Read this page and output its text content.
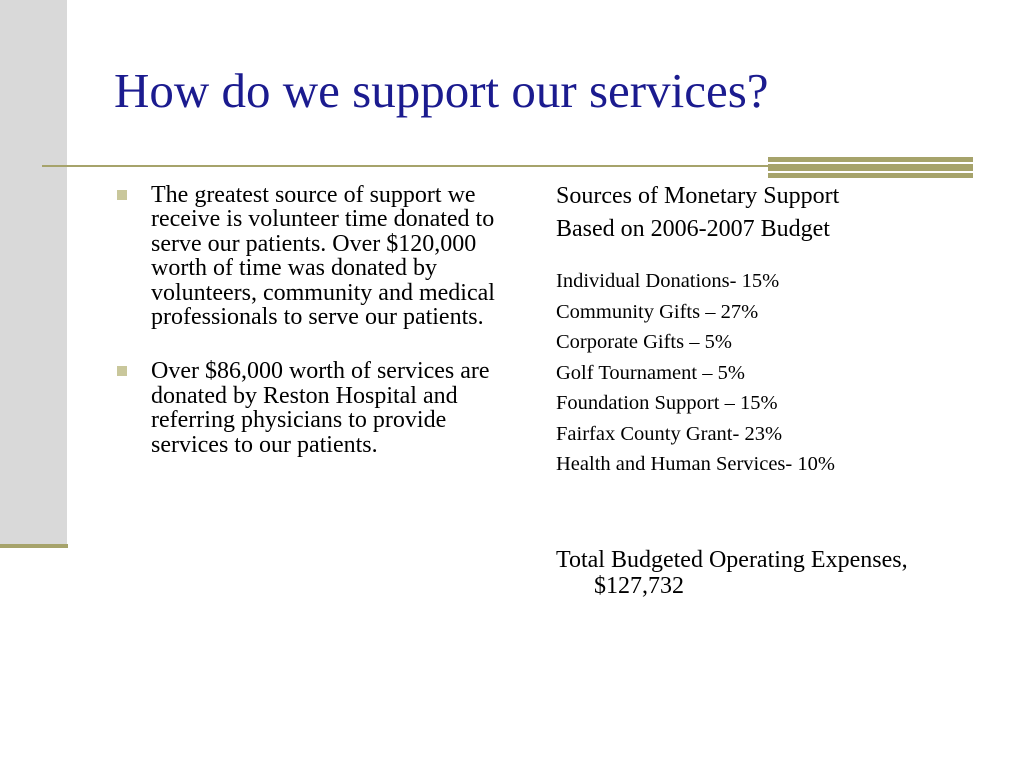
How do we support our services?
The greatest source of support we receive is volunteer time donated to serve our patients. Over $120,000 worth of time was donated by volunteers, community and medical professionals to serve our patients.
Over $86,000 worth of services are donated by Reston Hospital and referring physicians to provide services to our patients.
Sources of Monetary Support
Based on 2006-2007 Budget
Individual Donations- 15%
Community Gifts – 27%
Corporate Gifts – 5%
Golf Tournament – 5%
Foundation Support – 15%
Fairfax County Grant- 23%
Health and Human Services- 10%
Total Budgeted Operating Expenses, $127,732
